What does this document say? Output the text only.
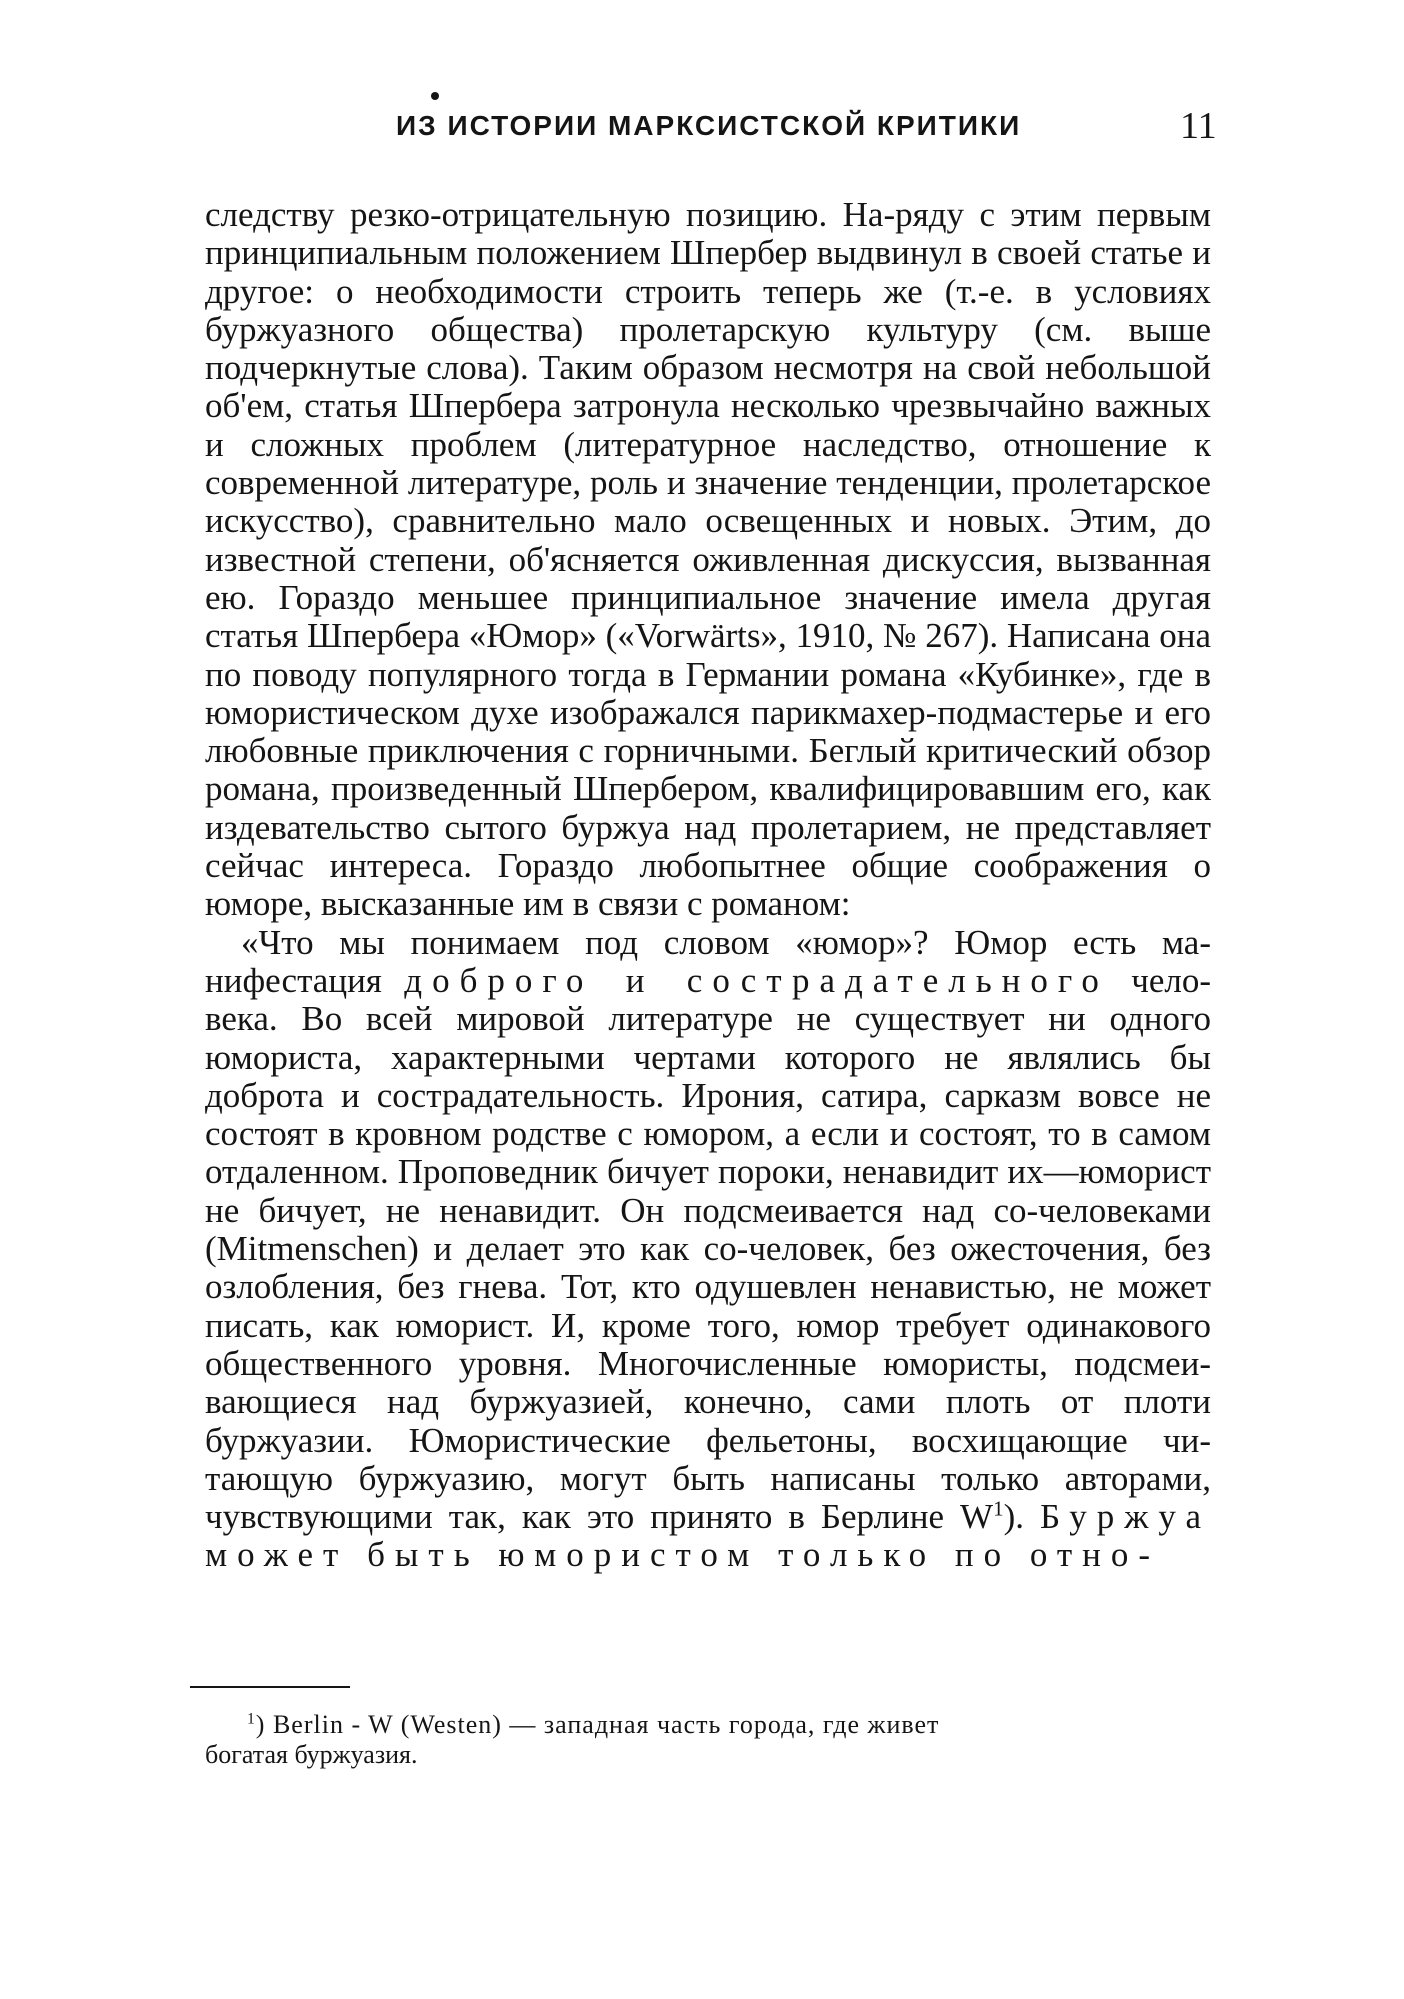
ИЗ ИСТОРИИ МАРКСИСТСКОЙ КРИТИКИ	11

следству резко-отрицательную позицию. На-ряду с этим первым принципиальным положением Шпербер выдвинул в своей статье и другое: о необходимости строить теперь же (т.-е. в условиях буржуазного общества) пролетарскую культуру (см. выше подчеркнутые слова). Таким образом несмотря на свой небольшой об'ем, статья Шпербера затронула несколько чрезвычайно важных и сложных проблем (литературное наследство, отношение к современной литературе, роль и значение тенденции, пролетарское искусство), сравнительно мало освещенных и новых. Этим, до известной степени, об'ясняется оживленная дискуссия, вызванная ею. Гораздо меньшее принципиальное значение имела другая статья Шпербера «Юмор» («Vorwärts», 1910, № 267). Написана она по поводу популярного тогда в Германии романа «Кубинке», где в юмористическом духе изображался парикмахер-подмастерье и его любовные приключения с горничными. Беглый критический обзор романа, произведенный Шпербером, квалифицировавшим его, как издевательство сытого буржуа над пролетарием, не представляет сейчас интереса. Гораздо любопытнее общие соображения о юморе, высказанные им в связи с романом:

«Что мы понимаем под словом «юмор»? Юмор есть манифестация доброго и сострадательного человека. Во всей мировой литературе не существует ни одного юмориста, характерными чертами которого не являлись бы доброта и сострадательность. Ирония, сатира, сарказм вовсе не состоят в кровном родстве с юмором, а если и состоят, то в самом отдаленном. Проповедник бичует пороки, ненавидит их—юморист не бичует, не ненавидит. Он подсмеивается над со-человеками (Mitmenschen) и делает это как со-человек, без ожесточения, без озлобления, без гнева. Тот, кто одушевлен ненавистью, не может писать, как юморист. И, кроме того, юмор требует одинакового общественного уровня. Многочисленные юмористы, подсмеивающиеся над буржуазией, конечно, сами плоть от плоти буржуазии. Юмористические фельетоны, восхищающие читающую буржуазию, могут быть написаны только авторами, чувствующими так, как это принято в Берлине $W^1$). Буржуа может быть юмористом только по отно-

$^1$) Berlin - W (Westen) — западная часть города, где живет
богатая буржуазия.
